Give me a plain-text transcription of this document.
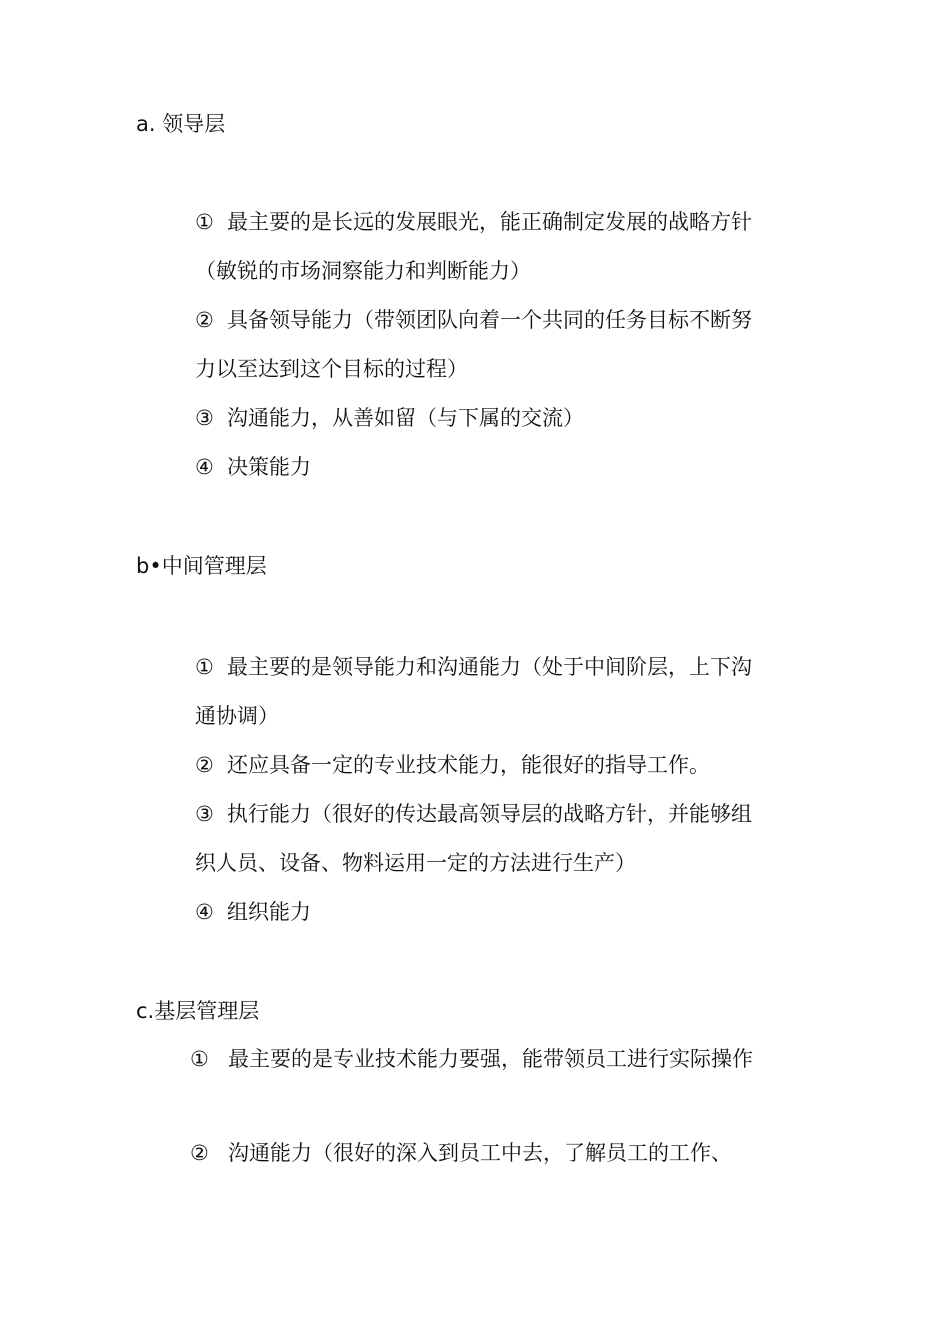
a. 领导层
最主要的是长远的发展眼光，能正确制定发展的战略方针（敏锐的市场洞察能力和判断能力）
①
具备领导能力（带领团队向着一个共同的任务目标不断努力以至达到这个目标的过程）
②
沟通能力，从善如留（与下属的交流）
③
决策能力
④
b•中间管理层
最主要的是领导能力和沟通能力（处于中间阶层，上下沟通协调）
①
还应具备一定的专业技术能力，能很好的指导工作。
②
执行能力（很好的传达最高领导层的战略方针，并能够组织人员、设备、物料运用一定的方法进行生产）
③
组织能力
④
c.基层管理层
最主要的是专业技术能力要强，能带领员工进行实际操作
①
沟通能力（很好的深入到员工中去，了解员工的工作、
②
